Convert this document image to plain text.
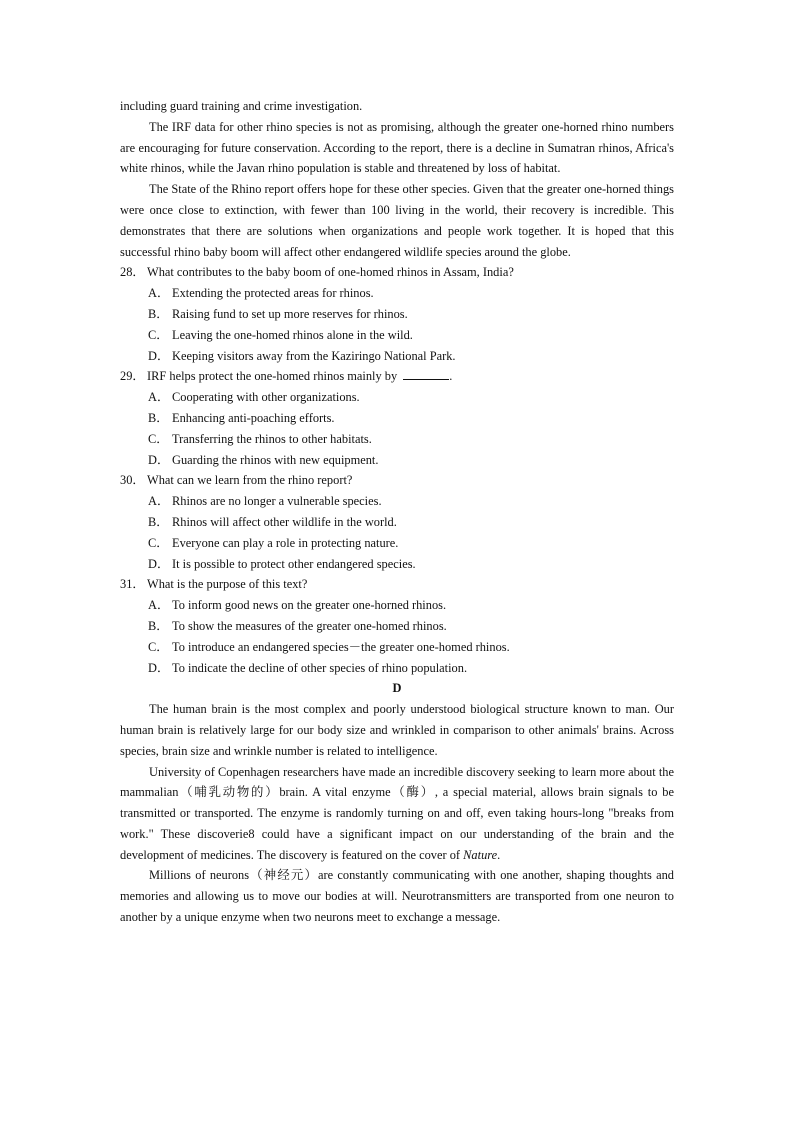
including guard training and crime investigation.

The IRF data for other rhino species is not as promising, although the greater one-horned rhino numbers are encouraging for future conservation. According to the report, there is a decline in Sumatran rhinos, Africa's white rhinos, while the Javan rhino population is stable and threatened by loss of habitat.

The State of the Rhino report offers hope for these other species. Given that the greater one-horned things were once close to extinction, with fewer than 100 living in the world, their recovery is incredible. This demonstrates that there are solutions when organizations and people work together. It is hoped that this successful rhino baby boom will affect other endangered wildlife species around the globe.

28． What contributes to the baby boom of one-homed rhinos in Assam, India?

A． Extending the protected areas for rhinos.
B． Raising fund to set up more reserves for rhinos.
C． Leaving the one-homed rhinos alone in the wild.
D． Keeping visitors away from the Kaziringo National Park.

29． IRF helps protect the one-homed rhinos mainly by	.

A． Cooperating with other organizations.
B． Enhancing anti-poaching efforts.
C． Transferring the rhinos to other habitats.
D． Guarding the rhinos with new equipment.

30． What can we learn from the rhino report?

A． Rhinos are no longer a vulnerable species.
B． Rhinos will affect other wildlife in the world.
C． Everyone can play a role in protecting nature.
D． It is possible to protect other endangered species.

31． What is the purpose of this text?

A． To inform good news on the greater one-horned rhinos.
B． To show the measures of the greater one-homed rhinos.
C． To introduce an endangered species－the greater one-homed rhinos.
D． To indicate the decline of other species of rhino population.

D

The human brain is the most complex and poorly understood biological structure known to man. Our human brain is relatively large for our body size and wrinkled in comparison to other animals' brains. Across species, brain size and wrinkle number is related to intelligence.

University of Copenhagen researchers have made an incredible discovery seeking to learn more about the mammalian（哺乳动物的）brain. A vital enzyme（酶）, a special material, allows brain signals to be transmitted or transported. The enzyme is randomly turning on and off, even taking hours-long "breaks from work." These discoverie8 could have a significant impact on our understanding of the brain and the development of medicines. The discovery is featured on the cover of Nature.

Millions of neurons（神经元）are constantly communicating with one another, shaping thoughts and memories and allowing us to move our bodies at will. Neurotransmitters are transported from one neuron to another by a unique enzyme when two neurons meet to exchange a message.
